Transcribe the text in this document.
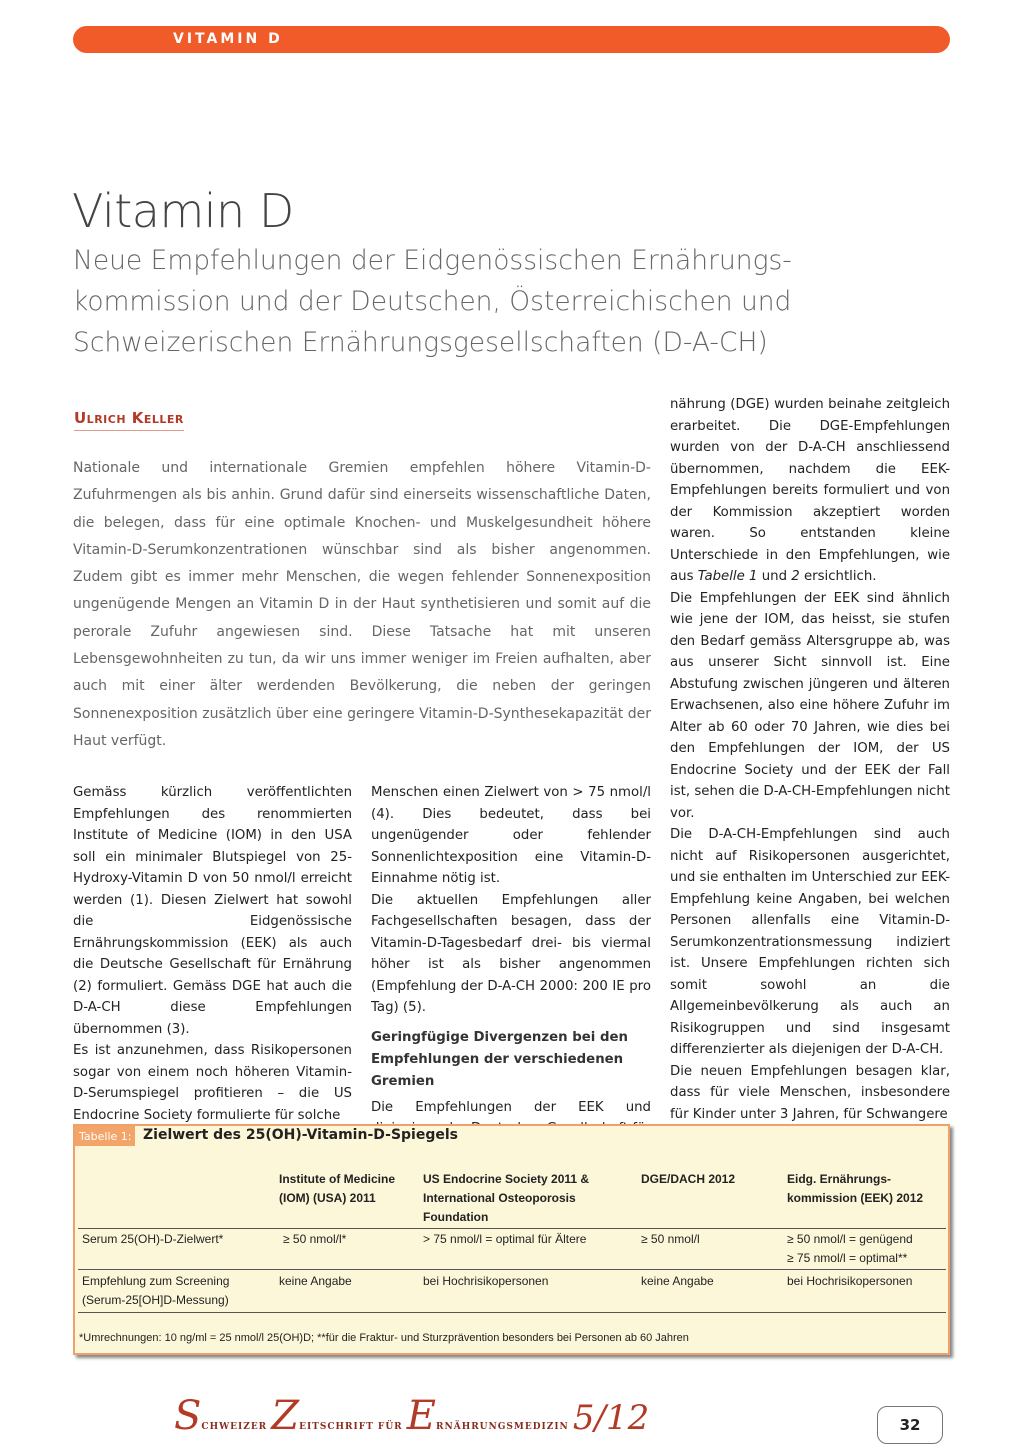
VITAMIN D
Vitamin D
Neue Empfehlungen der Eidgenössischen Ernährungs-
kommission und der Deutschen, Österreichischen und
Schweizerischen Ernährungsgesellschaften (D-A-CH)
Ulrich Keller
Nationale und internationale Gremien empfehlen höhere Vitamin-D-Zufuhrmengen als bis anhin. Grund dafür sind einerseits wissenschaftliche Daten, die belegen, dass für eine optimale Knochen- und Muskelgesundheit höhere Vitamin-D-Serumkonzentrationen wünschbar sind als bisher angenommen. Zudem gibt es immer mehr Menschen, die wegen fehlender Sonnenexposition ungenügende Mengen an Vitamin D in der Haut synthetisieren und somit auf die perorale Zufuhr angewiesen sind. Diese Tatsache hat mit unseren Lebensgewohnheiten zu tun, da wir uns immer weniger im Freien aufhalten, aber auch mit einer älter werdenden Bevölkerung, die neben der geringen Sonnenexposition zusätzlich über eine geringere Vitamin-D-Synthesekapazität der Haut verfügt.

Gemäss kürzlich veröffentlichten Empfehlungen des renommierten Institute of Medicine (IOM) in den USA soll ein minimaler Blutspiegel von 25-Hydroxy-Vitamin D von 50 nmol/l erreicht werden (1). Diesen Zielwert hat sowohl die Eidgenössische Ernährungskommission (EEK) als auch die Deutsche Gesellschaft für Ernährung (2) formuliert. Gemäss DGE hat auch die D-A-CH diese Empfehlungen übernommen (3).

Es ist anzunehmen, dass Risikopersonen sogar von einem noch höheren Vitamin-D-Serumspiegel profitieren – die US Endocrine Society formulierte für solche

Menschen einen Zielwert von > 75 nmol/l (4). Dies bedeutet, dass bei ungenügender oder fehlender Sonnenlichtexposition eine Vitamin-D-Einnahme nötig ist.

Die aktuellen Empfehlungen aller Fachgesellschaften besagen, dass der Vitamin-D-Tagesbedarf drei- bis viermal höher ist als bisher angenommen (Empfehlung der D-A-CH 2000: 200 IE pro Tag) (5).

Geringfügige Divergenzen bei den Empfehlungen der verschiedenen Gremien

Die Empfehlungen der EEK und

nährung (DGE) wurden beinahe zeitgleich erarbeitet. Die DGE-Empfehlungen wurden von der D-A-CH anschliessend übernommen, nachdem die EEK-Empfehlungen bereits formuliert und von der Kommission akzeptiert worden waren. So entstanden kleine Unterschiede in den Empfehlungen, wie aus Tabelle 1 und 2 ersichtlich.

Die Empfehlungen der EEK sind ähnlich wie jene der IOM, das heisst, sie stufen den Bedarf gemäss Altersgruppe ab, was aus unserer Sicht sinnvoll ist. Eine Abstufung zwischen jüngeren und älteren Erwachsenen, also eine höhere Zufuhr im Alter ab 60 oder 70 Jahren, wie dies bei den Empfehlungen der IOM, der US Endocrine Society und der EEK der Fall ist, sehen die D-A-CH-Empfehlungen nicht vor.

Die D-A-CH-Empfehlungen sind auch nicht auf Risikopersonen ausgerichtet, und sie enthalten im Unterschied zur EEK-Empfehlung keine Angaben, bei welchen Personen allenfalls eine Vitamin-D-Serumkonzentrationsmessung indiziert ist. Unsere Empfehlungen richten sich somit sowohl an die Allgemeinbevölkerung als auch an Risikogruppen und sind insgesamt differenzierter als diejenigen der D-A-CH.

Die neuen Empfehlungen besagen klar, dass für viele Menschen, insbesondere für Kinder unter 3 Jahren, für Schwangere

Tabelle 1: Zielwert des 25(OH)-Vitamin-D-Spiegels
	Institute of Medicine (IOM) (USA) 2011	US Endocrine Society 2011 & International Osteoporosis Foundation	DGE/DACH 2012	Eidg. Ernährungs-kommission (EEK) 2012
Serum 25(OH)-D-Zielwert*	≥ 50 nmol/l*	> 75 nmol/l = optimal für Ältere	≥ 50 nmol/l	≥ 50 nmol/l = genügend
≥ 75 nmol/l = optimal**

Empfehlung zum Screening
(Serum-25[OH]D-Messung)	keine Angabe	bei Hochrisikopersonen	keine Angabe	bei Hochrisikopersonen
*Umrechnungen: 10 ng/ml = 25 nmol/l 25(OH)D; **für die Fraktur- und Sturzprävention besonders bei Personen ab 60 Jahren
SCHWEIZER ZEITSCHRIFT FÜR ERNÄHRUNGSMEDIZIN 5/12	32
